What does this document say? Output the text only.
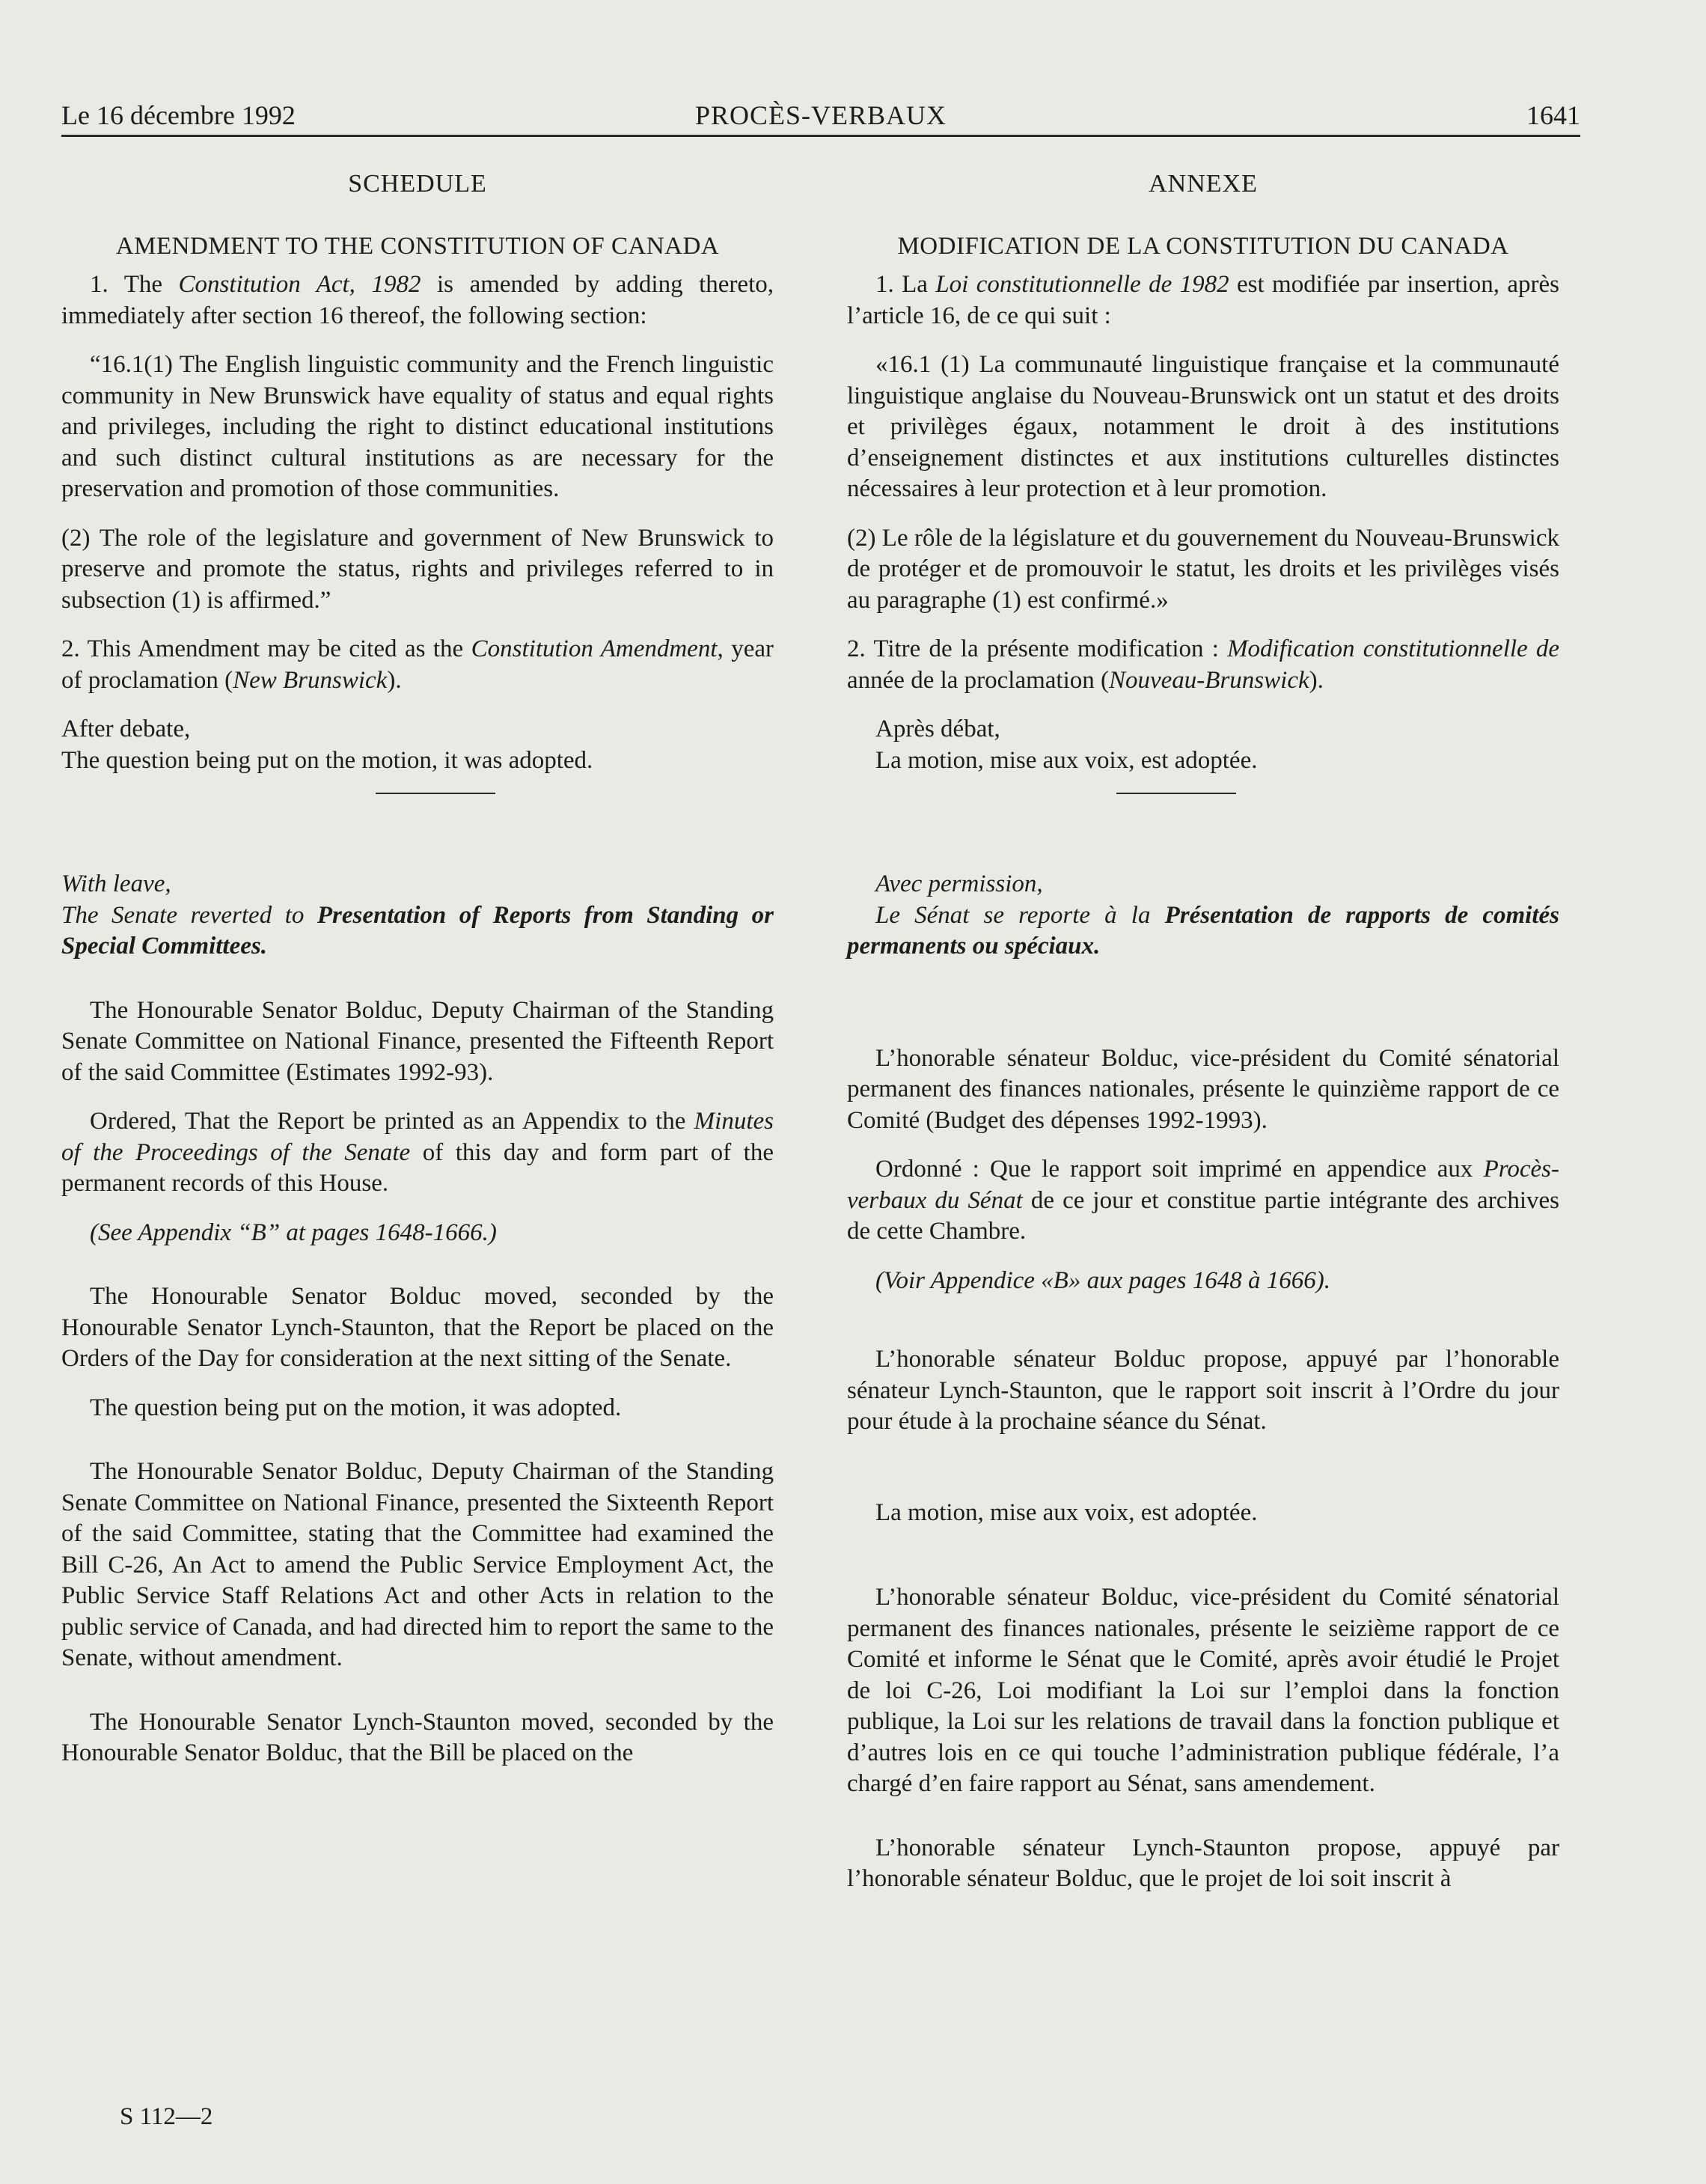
Le 16 décembre 1992	PROCÈS-VERBAUX	1641

SCHEDULE

AMENDMENT TO THE CONSTITUTION OF CANADA

1. The Constitution Act, 1982 is amended by adding thereto, immediately after section 16 thereof, the following section:

“16.1(1) The English linguistic community and the French linguistic community in New Brunswick have equality of status and equal rights and privileges, including the right to distinct educational institutions and such distinct cultural institutions as are necessary for the preservation and promotion of those communities.

(2) The role of the legislature and government of New Brunswick to preserve and promote the status, rights and privileges referred to in subsection (1) is affirmed.”

2. This Amendment may be cited as the Constitution Amendment, year of proclamation (New Brunswick).

After debate,

The question being put on the motion, it was adopted.

With leave,

The Senate reverted to Presentation of Reports from Standing or Special Committees.

The Honourable Senator Bolduc, Deputy Chairman of the Standing Senate Committee on National Finance, presented the Fifteenth Report of the said Committee (Estimates 1992-93).

Ordered, That the Report be printed as an Appendix to the Minutes of the Proceedings of the Senate of this day and form part of the permanent records of this House.

(See Appendix “B” at pages 1648-1666.)

The Honourable Senator Bolduc moved, seconded by the Honourable Senator Lynch-Staunton, that the Report be placed on the Orders of the Day for consideration at the next sitting of the Senate.

The question being put on the motion, it was adopted.

The Honourable Senator Bolduc, Deputy Chairman of the Standing Senate Committee on National Finance, presented the Sixteenth Report of the said Committee, stating that the Committee had examined the Bill C-26, An Act to amend the Public Service Employment Act, the Public Service Staff Relations Act and other Acts in relation to the public service of Canada, and had directed him to report the same to the Senate, without amendment.

The Honourable Senator Lynch-Staunton moved, seconded by the Honourable Senator Bolduc, that the Bill be placed on the

ANNEXE

MODIFICATION DE LA CONSTITUTION DU CANADA

1. La Loi constitutionnelle de 1982 est modifiée par insertion, après l’article 16, de ce qui suit :

«16.1 (1) La communauté linguistique française et la communauté linguistique anglaise du Nouveau-Brunswick ont un statut et des droits et privilèges égaux, notamment le droit à des institutions d’enseignement distinctes et aux institutions culturelles distinctes nécessaires à leur protection et à leur promotion.

(2) Le rôle de la législature et du gouvernement du Nouveau-Brunswick de protéger et de promouvoir le statut, les droits et les privilèges visés au paragraphe (1) est confirmé.»

2. Titre de la présente modification : Modification constitutionnelle de année de la proclamation (Nouveau-Brunswick).

Après débat,

La motion, mise aux voix, est adoptée.

Avec permission,

Le Sénat se reporte à la Présentation de rapports de comités permanents ou spéciaux.

L’honorable sénateur Bolduc, vice-président du Comité sénatorial permanent des finances nationales, présente le quinzième rapport de ce Comité (Budget des dépenses 1992-1993).

Ordonné : Que le rapport soit imprimé en appendice aux Procès-verbaux du Sénat de ce jour et constitue partie intégrante des archives de cette Chambre.

(Voir Appendice «B» aux pages 1648 à 1666).

L’honorable sénateur Bolduc propose, appuyé par l’honorable sénateur Lynch-Staunton, que le rapport soit inscrit à l’Ordre du jour pour étude à la prochaine séance du Sénat.

La motion, mise aux voix, est adoptée.

L’honorable sénateur Bolduc, vice-président du Comité sénatorial permanent des finances nationales, présente le seizième rapport de ce Comité et informe le Sénat que le Comité, après avoir étudié le Projet de loi C-26, Loi modifiant la Loi sur l’emploi dans la fonction publique, la Loi sur les relations de travail dans la fonction publique et d’autres lois en ce qui touche l’administration publique fédérale, l’a chargé d’en faire rapport au Sénat, sans amendement.

L’honorable sénateur Lynch-Staunton propose, appuyé par l’honorable sénateur Bolduc, que le projet de loi soit inscrit à

S 112—2
